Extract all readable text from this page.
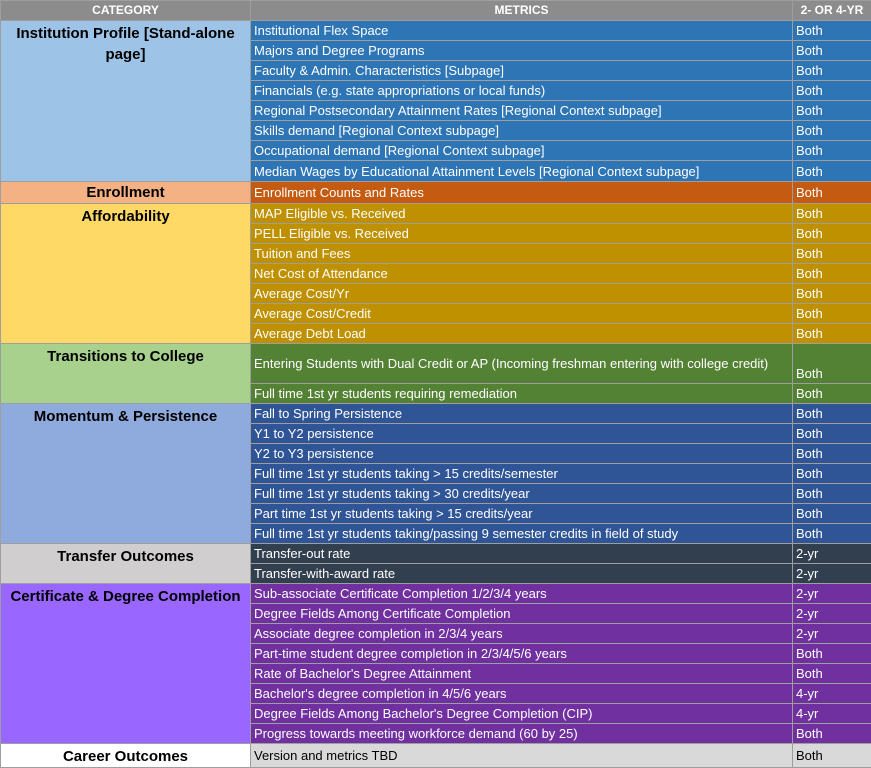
CATEGORY	METRICS	2- OR 4-YR
Institution Profile [Stand-alone page]	Institutional Flex Space	Both
	Majors and Degree Programs	Both
	Faculty & Admin. Characteristics [Subpage]	Both
	Financials (e.g. state appropriations or local funds)	Both
	Regional Postsecondary Attainment Rates [Regional Context subpage]	Both
	Skills demand [Regional Context subpage]	Both
	Occupational demand [Regional Context subpage]	Both
	Median Wages by Educational Attainment Levels [Regional Context subpage]	Both
Enrollment	Enrollment Counts and Rates	Both
Affordability	MAP Eligible vs. Received	Both
	PELL Eligible vs. Received	Both
	Tuition and Fees	Both
	Net Cost of Attendance	Both
	Average Cost/Yr	Both
	Average Cost/Credit	Both
	Average Debt Load	Both
Transitions to College	Entering Students with Dual Credit or AP (Incoming freshman entering with college credit)	Both
	Full time 1st yr students requiring remediation	Both
Momentum & Persistence	Fall to Spring Persistence	Both
	Y1 to Y2 persistence	Both
	Y2 to Y3 persistence	Both
	Full time 1st yr students taking > 15 credits/semester	Both
	Full time 1st yr students taking > 30 credits/year	Both
	Part time 1st yr students taking > 15 credits/year	Both
	Full time 1st yr students taking/passing 9 semester credits in field of study	Both
Transfer Outcomes	Transfer-out rate	2-yr
	Transfer-with-award rate	2-yr
Certificate & Degree Completion	Sub-associate Certificate Completion 1/2/3/4 years	2-yr
	Degree Fields Among Certificate Completion	2-yr
	Associate degree completion in 2/3/4 years	2-yr
	Part-time student degree completion in 2/3/4/5/6 years	Both
	Rate of Bachelor's Degree Attainment	Both
	Bachelor's degree completion in 4/5/6 years	4-yr
	Degree Fields Among Bachelor's Degree Completion (CIP)	4-yr
	Progress towards meeting workforce demand (60 by 25)	Both
Career Outcomes	Version and metrics TBD	Both
